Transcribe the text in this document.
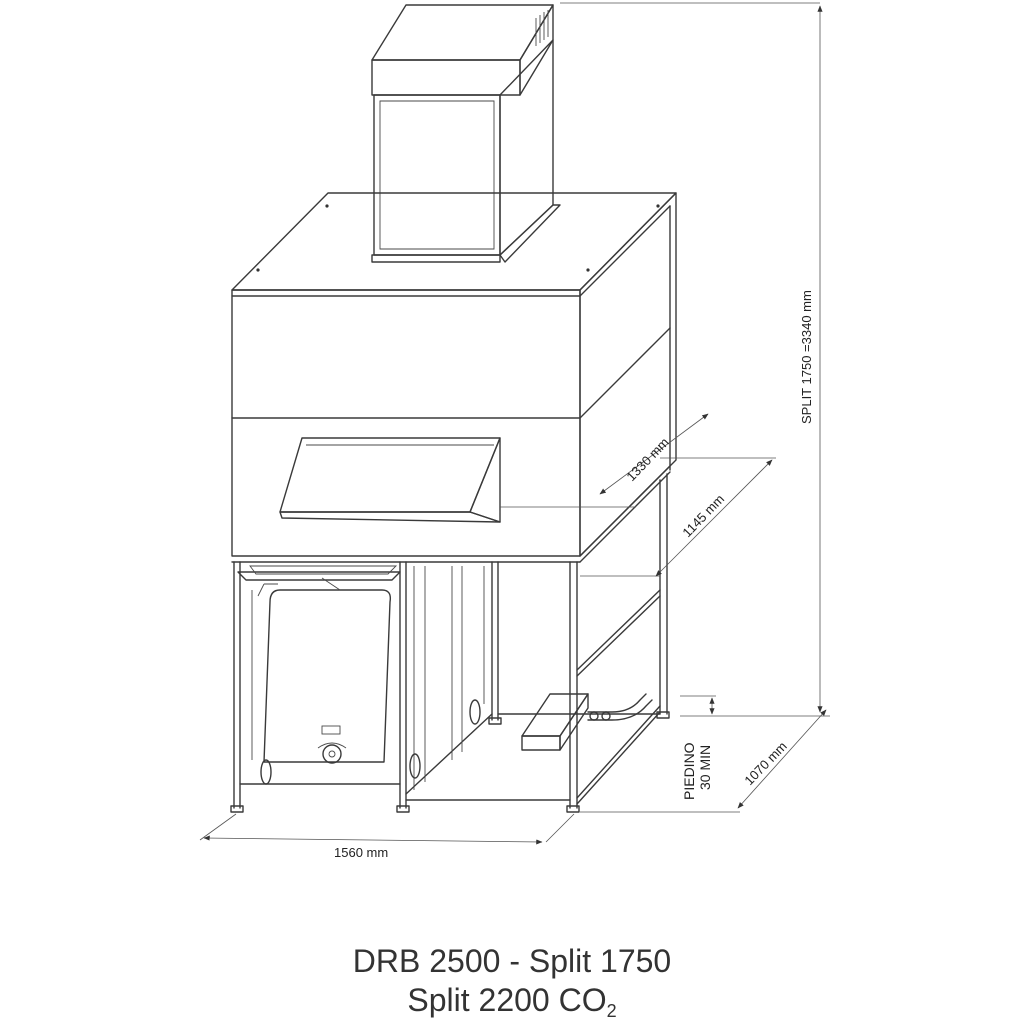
SPLIT 1750 =3340 mm
1330 mm
1145 mm
1560 mm
1070 mm
PIEDINO 30 MIN
DRB 2500 - Split 1750
Split 2200 $CO_2$
